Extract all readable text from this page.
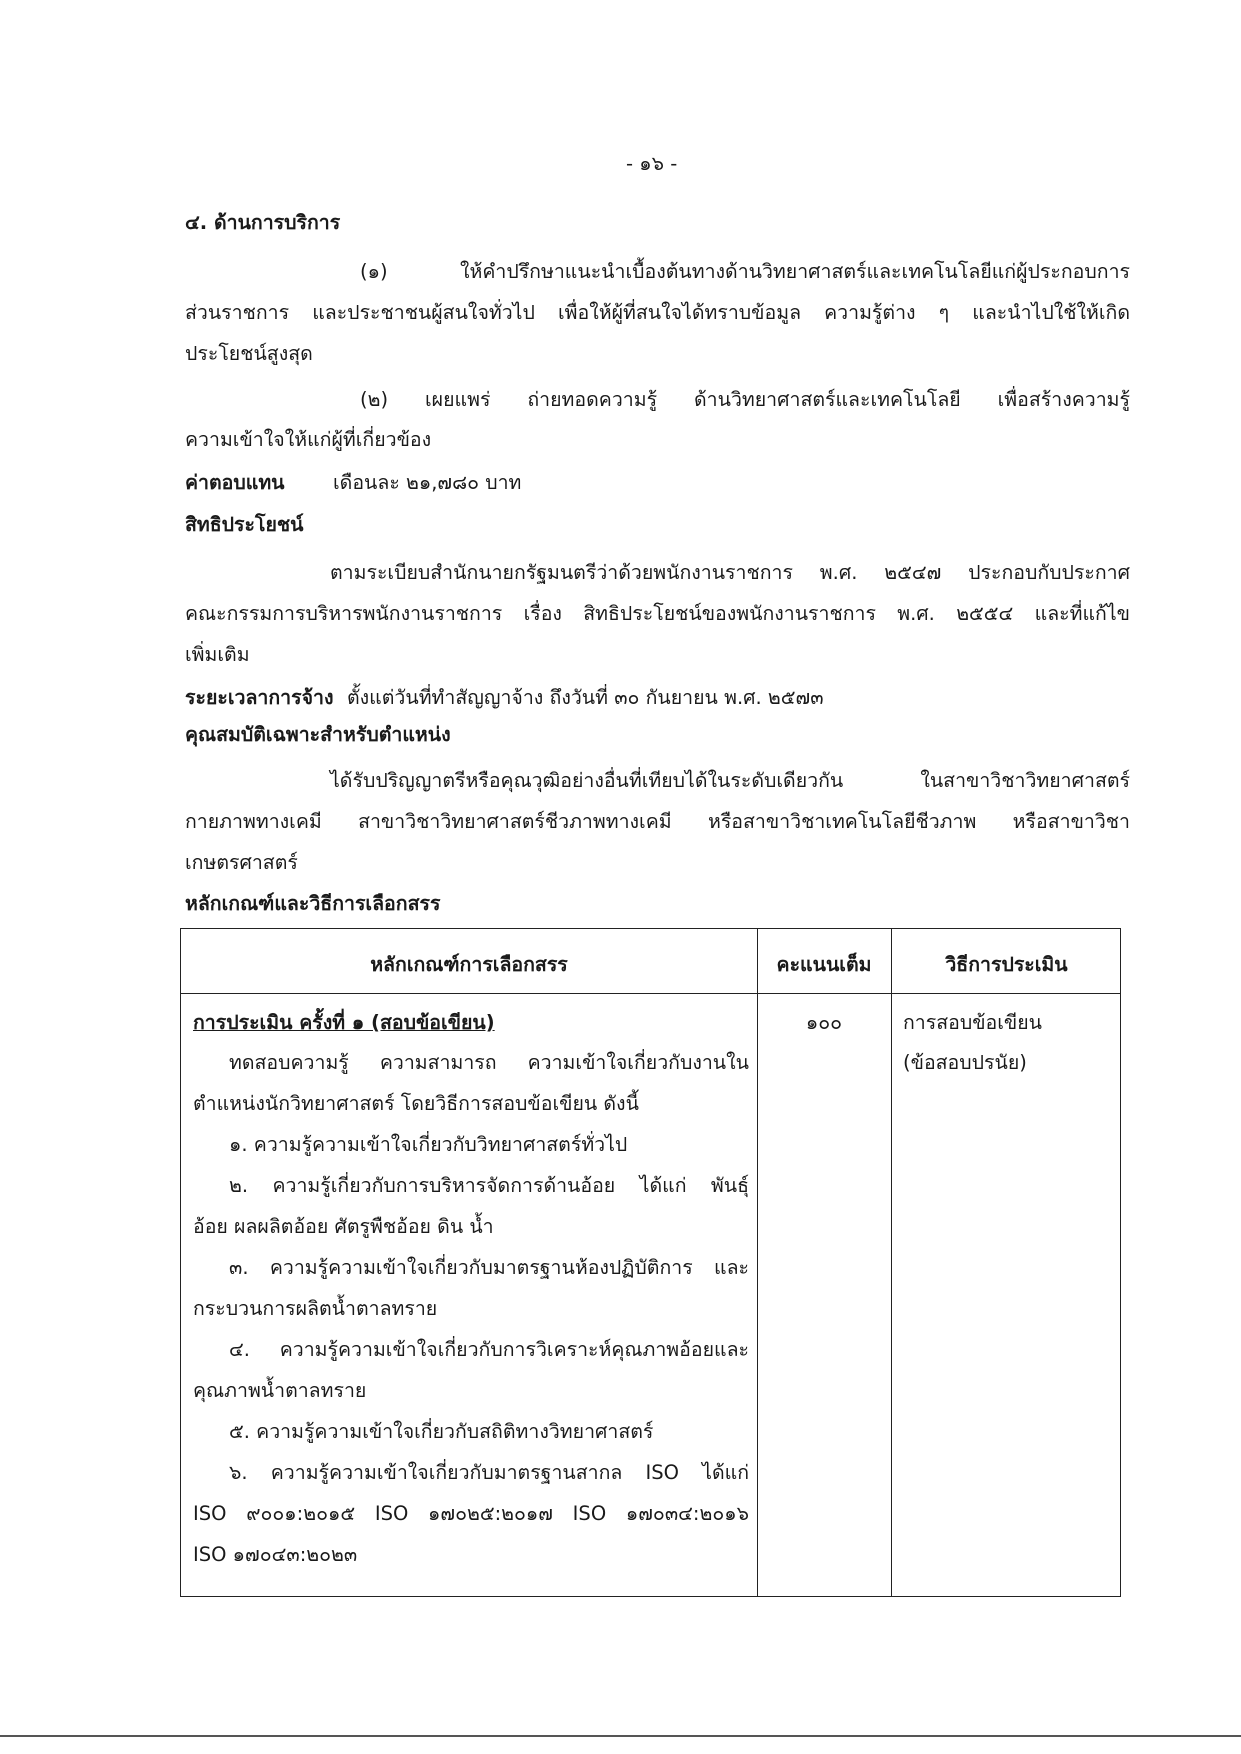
- ๑๖ -
๔. ด้านการบริการ
(๑) ให้คำปรึกษาแนะนำเบื้องต้นทางด้านวิทยาศาสตร์และเทคโนโลยีแก่ผู้ประกอบการ
ส่วนราชการ และประชาชนผู้สนใจทั่วไป เพื่อให้ผู้ที่สนใจได้ทราบข้อมูล ความรู้ต่าง ๆ และนำไปใช้ให้เกิด
ประโยชน์สูงสุด
(๒) เผยแพร่ ถ่ายทอดความรู้ ด้านวิทยาศาสตร์และเทคโนโลยี เพื่อสร้างความรู้
ความเข้าใจให้แก่ผู้ที่เกี่ยวข้อง
ค่าตอบแทน เดือนละ ๒๑,๗๘๐ บาท
สิทธิประโยชน์
ตามระเบียบสำนักนายกรัฐมนตรีว่าด้วยพนักงานราชการ พ.ศ. ๒๕๔๗ ประกอบกับประกาศ
คณะกรรมการบริหารพนักงานราชการ เรื่อง สิทธิประโยชน์ของพนักงานราชการ พ.ศ. ๒๕๕๔ และที่แก้ไข
เพิ่มเติม
ระยะเวลาการจ้าง ตั้งแต่วันที่ทำสัญญาจ้าง ถึงวันที่ ๓๐ กันยายน พ.ศ. ๒๕๗๓
คุณสมบัติเฉพาะสำหรับตำแหน่ง
ได้รับปริญญาตรีหรือคุณวุฒิอย่างอื่นที่เทียบได้ในระดับเดียวกัน ในสาขาวิชาวิทยาศาสตร์
กายภาพทางเคมี สาขาวิชาวิทยาศาสตร์ชีวภาพทางเคมี หรือสาขาวิชาเทคโนโลยีชีวภาพ หรือสาขาวิชา
เกษตรศาสตร์
หลักเกณฑ์และวิธีการเลือกสรร
หลักเกณฑ์การเลือกสรร	คะแนนเต็ม	วิธีการประเมิน
การประเมิน ครั้งที่ ๑ (สอบข้อเขียน)
ทดสอบความรู้ ความสามารถ ความเข้าใจเกี่ยวกับงานใน
ตำแหน่งนักวิทยาศาสตร์ โดยวิธีการสอบข้อเขียน ดังนี้
๑. ความรู้ความเข้าใจเกี่ยวกับวิทยาศาสตร์ทั่วไป
๒. ความรู้เกี่ยวกับการบริหารจัดการด้านอ้อย ได้แก่ พันธุ์
อ้อย ผลผลิตอ้อย ศัตรูพืชอ้อย ดิน น้ำ
๓. ความรู้ความเข้าใจเกี่ยวกับมาตรฐานห้องปฏิบัติการ และ
กระบวนการผลิตน้ำตาลทราย
๔. ความรู้ความเข้าใจเกี่ยวกับการวิเคราะห์คุณภาพอ้อยและ
คุณภาพน้ำตาลทราย
๕. ความรู้ความเข้าใจเกี่ยวกับสถิติทางวิทยาศาสตร์
๖. ความรู้ความเข้าใจเกี่ยวกับมาตรฐานสากล ISO ได้แก่
ISO ๙๐๐๑:๒๐๑๕ ISO ๑๗๐๒๕:๒๐๑๗ ISO ๑๗๐๓๔:๒๐๑๖
ISO ๑๗๐๔๓:๒๐๒๓
๑๐๐	การสอบข้อเขียน
(ข้อสอบปรนัย)
